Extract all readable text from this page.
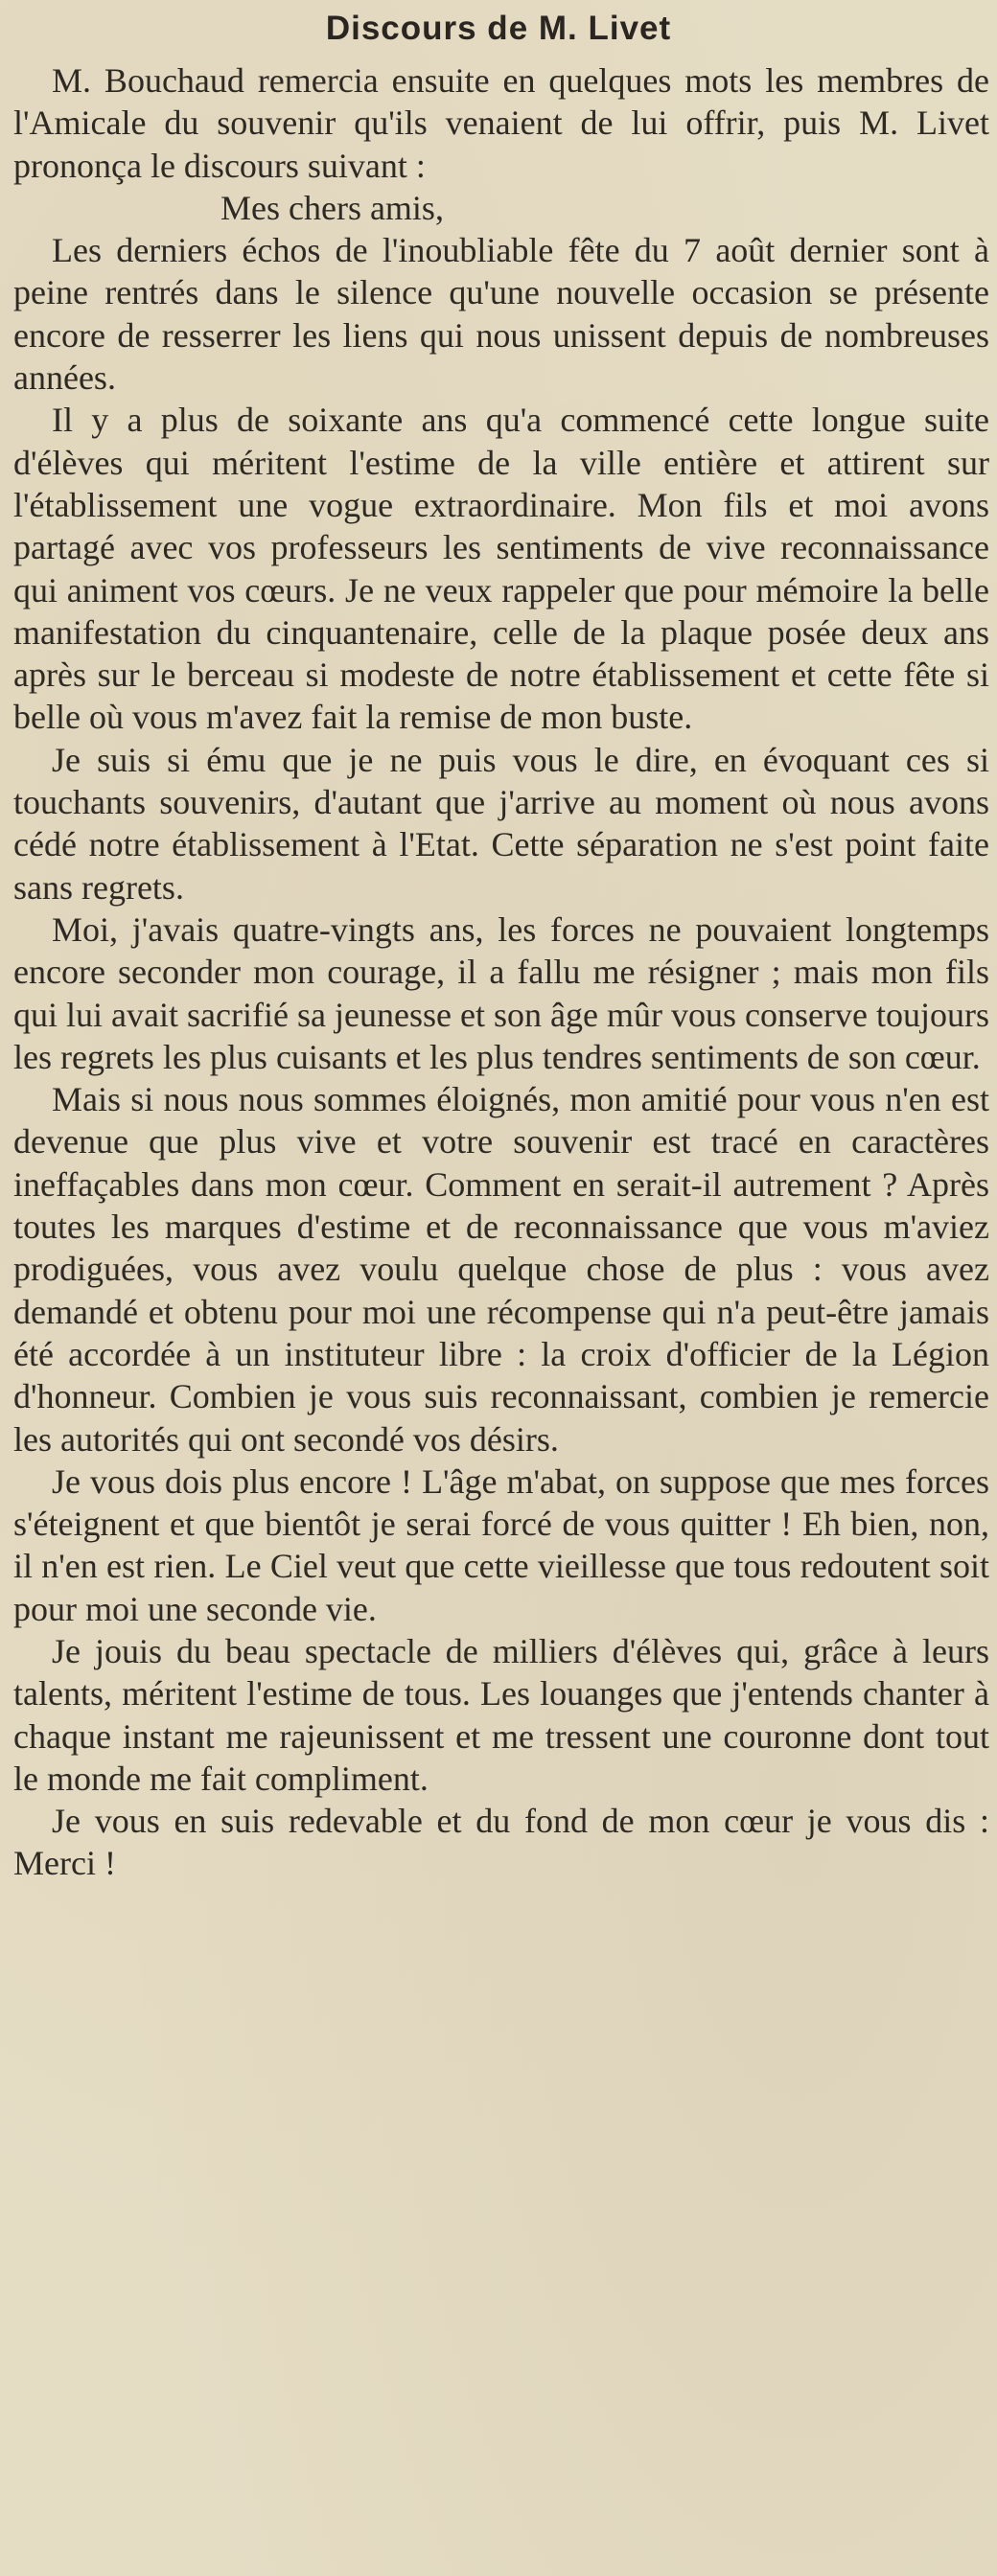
Discours de M. Livet

M. Bouchaud remercia ensuite en quelques mots les membres de l'Amicale du souvenir qu'ils venaient de lui offrir, puis M. Livet prononça le discours suivant :

Mes chers amis,

Les derniers échos de l'inoubliable fête du 7 août dernier sont à peine rentrés dans le silence qu'une nouvelle occasion se présente encore de resserrer les liens qui nous unissent depuis de nombreuses années.

Il y a plus de soixante ans qu'a commencé cette longue suite d'élèves qui méritent l'estime de la ville entière et attirent sur l'établissement une vogue extraordinaire. Mon fils et moi avons partagé avec vos professeurs les sentiments de vive reconnaissance qui animent vos cœurs. Je ne veux rappeler que pour mémoire la belle manifestation du cinquantenaire, celle de la plaque posée deux ans après sur le berceau si modeste de notre établissement et cette fête si belle où vous m'avez fait la remise de mon buste.

Je suis si ému que je ne puis vous le dire, en évoquant ces si touchants souvenirs, d'autant que j'arrive au moment où nous avons cédé notre établissement à l'Etat. Cette séparation ne s'est point faite sans regrets.

Moi, j'avais quatre-vingts ans, les forces ne pouvaient longtemps encore seconder mon courage, il a fallu me résigner ; mais mon fils qui lui avait sacrifié sa jeunesse et son âge mûr vous conserve toujours les regrets les plus cuisants et les plus tendres sentiments de son cœur.

Mais si nous nous sommes éloignés, mon amitié pour vous n'en est devenue que plus vive et votre souvenir est tracé en caractères ineffaçables dans mon cœur. Comment en serait-il autrement ? Après toutes les marques d'estime et de reconnaissance que vous m'aviez prodiguées, vous avez voulu quelque chose de plus : vous avez demandé et obtenu pour moi une récompense qui n'a peut-être jamais été accordée à un instituteur libre : la croix d'officier de la Légion d'honneur. Combien je vous suis reconnaissant, combien je remercie les autorités qui ont secondé vos désirs.

Je vous dois plus encore ! L'âge m'abat, on suppose que mes forces s'éteignent et que bientôt je serai forcé de vous quitter ! Eh bien, non, il n'en est rien. Le Ciel veut que cette vieillesse que tous redoutent soit pour moi une seconde vie.

Je jouis du beau spectacle de milliers d'élèves qui, grâce à leurs talents, méritent l'estime de tous. Les louanges que j'entends chanter à chaque instant me rajeunissent et me tressent une couronne dont tout le monde me fait compliment.

Je vous en suis redevable et du fond de mon cœur je vous dis : Merci !
